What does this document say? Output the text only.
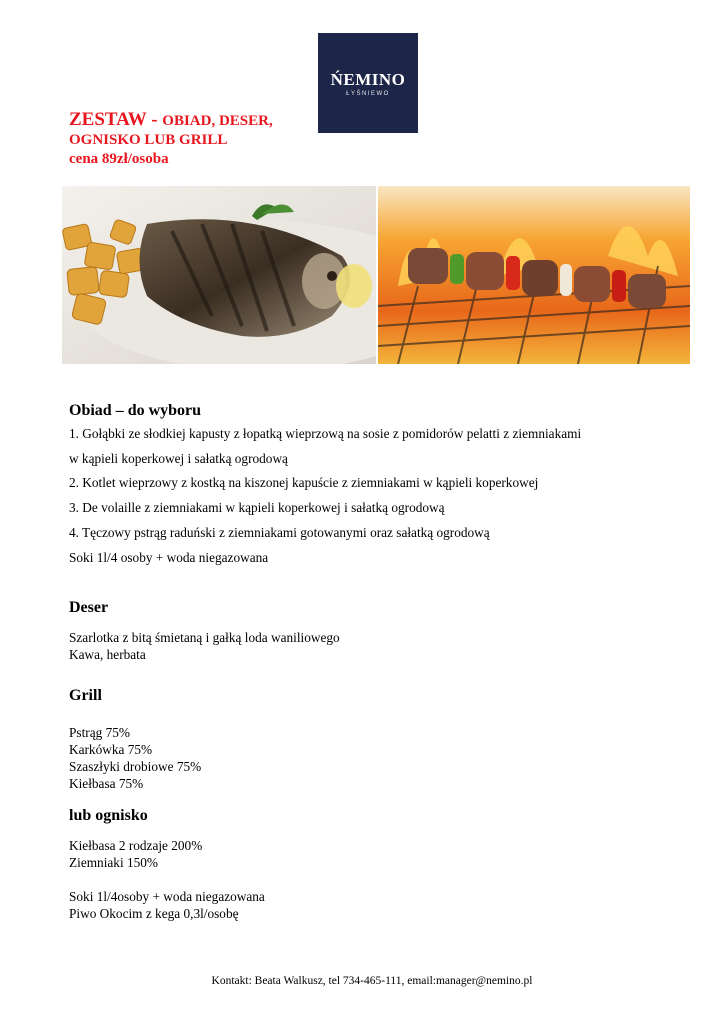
ŃEMINO
ŁYŚNIEWO
ZESTAW - OBIAD, DESER,
OGNISKO LUB GRILL
cena 89zł/osoba
Obiad – do wyboru
1. Gołąbki ze słodkiej kapusty z łopatką wieprzową na sosie z pomidorów pelatti z ziemniakami
w kąpieli koperkowej i sałatką ogrodową
2. Kotlet wieprzowy z kostką na kiszonej kapuście z ziemniakami w kąpieli koperkowej
3. De volaille z ziemniakami w kąpieli koperkowej i sałatką ogrodową
4. Tęczowy pstrąg raduński z ziemniakami gotowanymi oraz sałatką ogrodową
Soki 1l/4 osoby + woda niegazowana
Deser
Szarlotka z bitą śmietaną i gałką loda waniliowego
Kawa, herbata
Grill
Pstrąg 75%
Karkówka 75%
Szaszłyki drobiowe 75%
Kiełbasa 75%
lub ognisko
Kiełbasa 2 rodzaje 200%
Ziemniaki 150%
Soki 1l/4osoby + woda niegazowana
Piwo Okocim z kega 0,3l/osobę
Kontakt: Beata Walkusz, tel 734-465-111, email:manager@nemino.pl
